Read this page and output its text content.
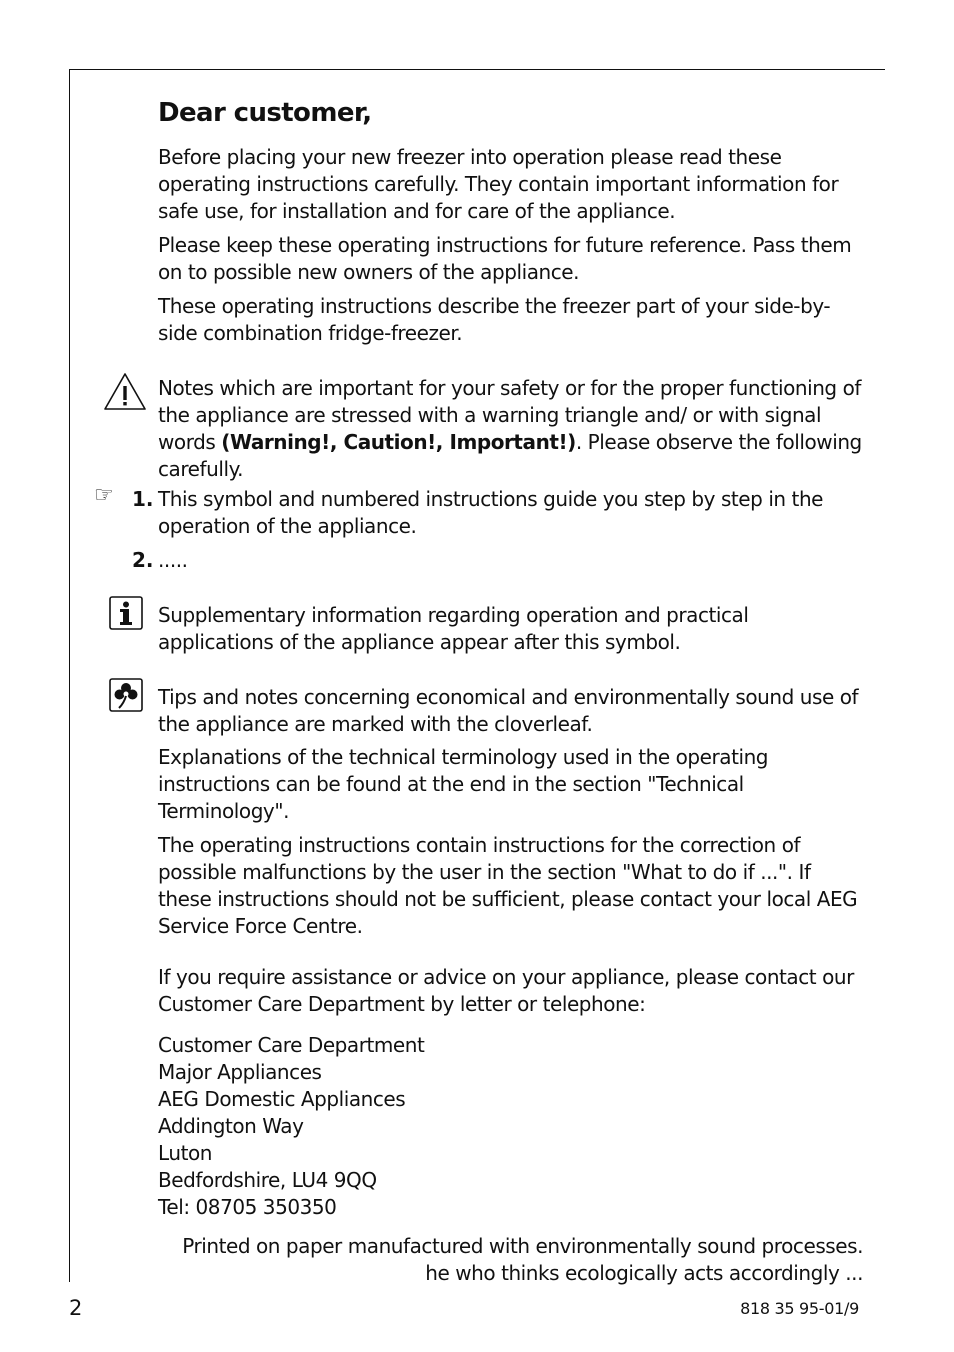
Dear customer,

Before placing your new freezer into operation please read these operating instructions carefully. They contain important information for safe use, for installation and for care of the appliance.

Please keep these operating instructions for future reference. Pass them on to possible new owners of the appliance.

These operating instructions describe the freezer part of your side-by-side combination fridge-freezer.

Notes which are important for your safety or for the proper functioning of the appliance are stressed with a warning triangle and/ or with signal words (Warning!, Caution!, Important!). Please observe the following carefully.

☞ 1. This symbol and numbered instructions guide you step by step in the operation of the appliance.

2. .....

Supplementary information regarding operation and practical applications of the appliance appear after this symbol.

Tips and notes concerning economical and environmentally sound use of the appliance are marked with the cloverleaf.

Explanations of the technical terminology used in the operating instructions can be found at the end in the section "Technical Terminology".

The operating instructions contain instructions for the correction of possible malfunctions by the user in the section "What to do if ...". If these instructions should not be sufficient, please contact your local AEG Service Force Centre.

If you require assistance or advice on your appliance, please contact our Customer Care Department by letter or telephone:

Customer Care Department

Major Appliances

AEG Domestic Appliances

Addington Way

Luton

Bedfordshire, LU4 9QQ

Tel: 08705 350350

Printed on paper manufactured with environmentally sound processes.

he who thinks ecologically acts accordingly ...

2	818 35 95-01/9
